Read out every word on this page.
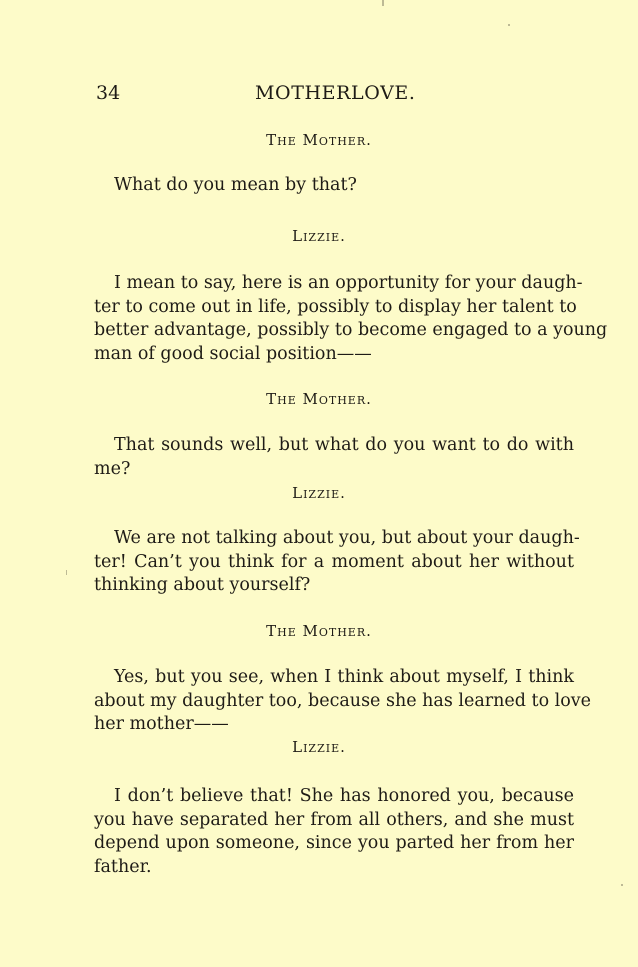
34	MOTHERLOVE.
The Mother.

What do you mean by that?

Lizzie.

I mean to say, here is an opportunity for your daugh-
ter to come out in life, possibly to display her talent to
better advantage, possibly to become engaged to a young
man of good social position——

The Mother.

That sounds well, but what do you want to do with
me?

Lizzie.

We are not talking about you, but about your daugh-
ter! Can’t you think for a moment about her without
thinking about yourself?

The Mother.

Yes, but you see, when I think about myself, I think
about my daughter too, because she has learned to love
her mother——

Lizzie.

I don’t believe that! She has honored you, because
you have separated her from all others, and she must
depend upon someone, since you parted her from her
father.
